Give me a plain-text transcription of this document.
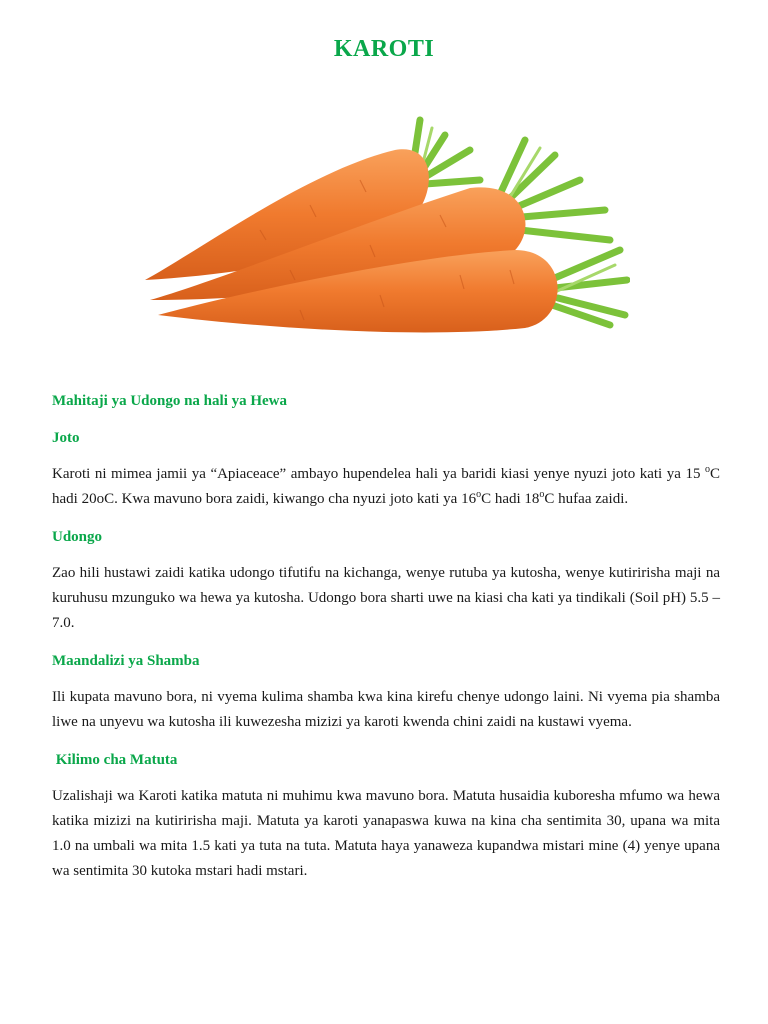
KAROTI
Mahitaji ya Udongo na hali ya Hewa
Joto

Karoti ni mimea jamii ya “Apiaceace” ambayo hupendelea hali ya baridi kiasi yenye nyuzi joto kati ya 15 $^o$C hadi 20oC. Kwa mavuno bora zaidi, kiwango cha nyuzi joto kati ya 16$^o$C hadi 18$^o$C hufaa zaidi.

Udongo

Zao hili hustawi zaidi katika udongo tifutifu na kichanga, wenye rutuba ya kutosha, wenye kutiririsha maji na kuruhusu mzunguko wa hewa ya kutosha. Udongo bora sharti uwe na kiasi cha kati ya tindikali (Soil pH) 5.5 – 7.0.

Maandalizi ya Shamba

Ili kupata mavuno bora, ni vyema kulima shamba kwa kina kirefu chenye udongo laini. Ni vyema pia shamba liwe na unyevu wa kutosha ili kuwezesha mizizi ya karoti kwenda chini zaidi na kustawi vyema.

Kilimo cha Matuta

Uzalishaji wa Karoti katika matuta ni muhimu kwa mavuno bora. Matuta husaidia kuboresha mfumo wa hewa katika mizizi na kutiririsha maji. Matuta ya karoti yanapaswa kuwa na kina cha sentimita 30, upana wa mita 1.0 na umbali wa mita 1.5 kati ya tuta na tuta. Matuta haya yanaweza kupandwa mistari mine (4) yenye upana wa sentimita 30 kutoka mstari hadi mstari.
